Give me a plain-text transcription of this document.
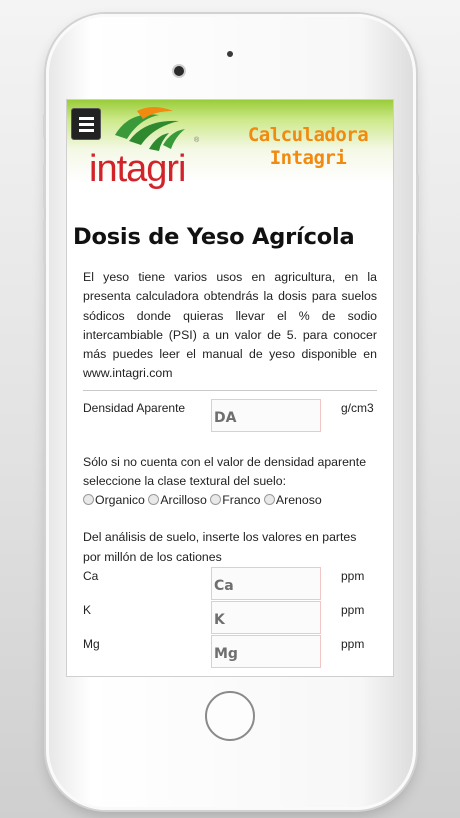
®
intagri
Calculadora Intagri
Dosis de Yeso Agrícola
El yeso tiene varios usos en agricultura, en la presenta calculadora obtendrás la dosis para suelos sódicos donde quieras llevar el % de sodio intercambiable (PSI) a un valor de 5. para conocer más puedes leer el manual de yeso disponible en www.intagri.com
Densidad Aparente
DA
g/cm3
Sólo si no cuenta con el valor de densidad aparente seleccione la clase textural del suelo:
Organico Arcilloso Franco Arenoso
Del análisis de suelo, inserte los valores en partes por millón de los cationes
Ca
Ca
ppm
K
K
ppm
Mg
Mg
ppm
